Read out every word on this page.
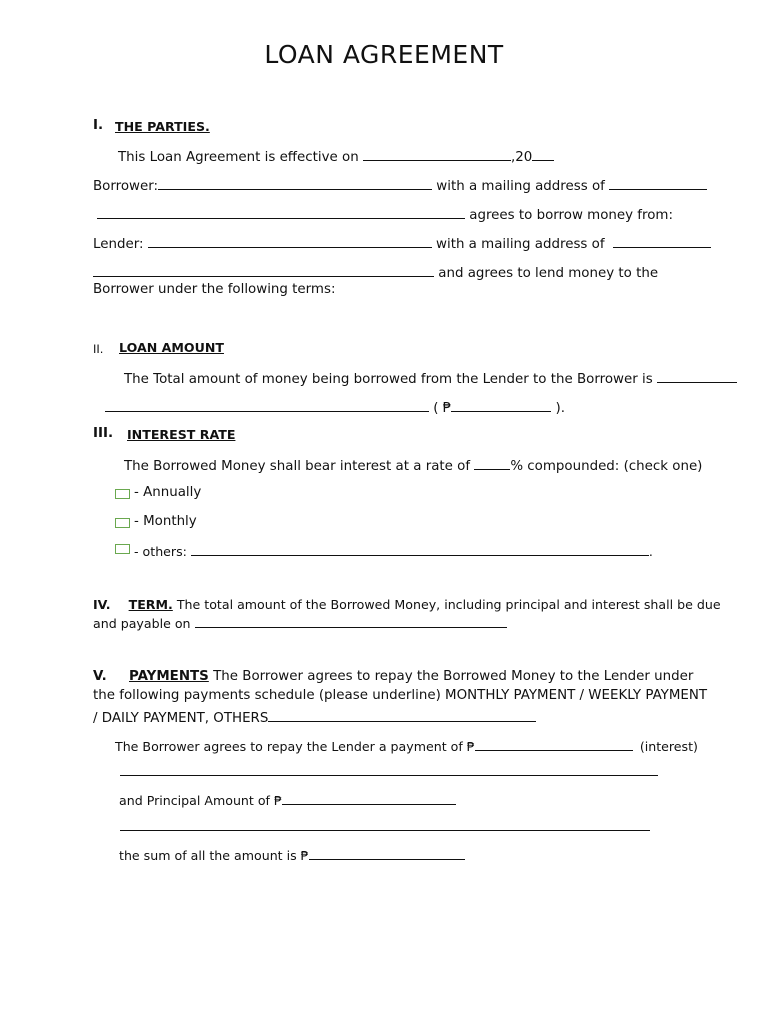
LOAN AGREEMENT
I. THE PARTIES.
This Loan Agreement is effective on	,20
Borrower:	with a mailing address of
agrees to borrow money from:
Lender:	with a mailing address of
and agrees to lend money to the
Borrower under the following terms:
II. LOAN AMOUNT
The Total amount of money being borrowed from the Lender to the Borrower is
( ₱	).
III. INTEREST RATE
The Borrowed Money shall bear interest at a rate of	% compounded: (check one)
- Annually
- Monthly
- others:	.
IV. TERM. The total amount of the Borrowed Money, including principal and interest shall be due
and payable on
V. PAYMENTS The Borrower agrees to repay the Borrowed Money to the Lender under
the following payments schedule (please underline) MONTHLY PAYMENT / WEEKLY PAYMENT
/ DAILY PAYMENT, OTHERS
The Borrower agrees to repay the Lender a payment of ₱	(interest)
and Principal Amount of ₱
the sum of all the amount is ₱
